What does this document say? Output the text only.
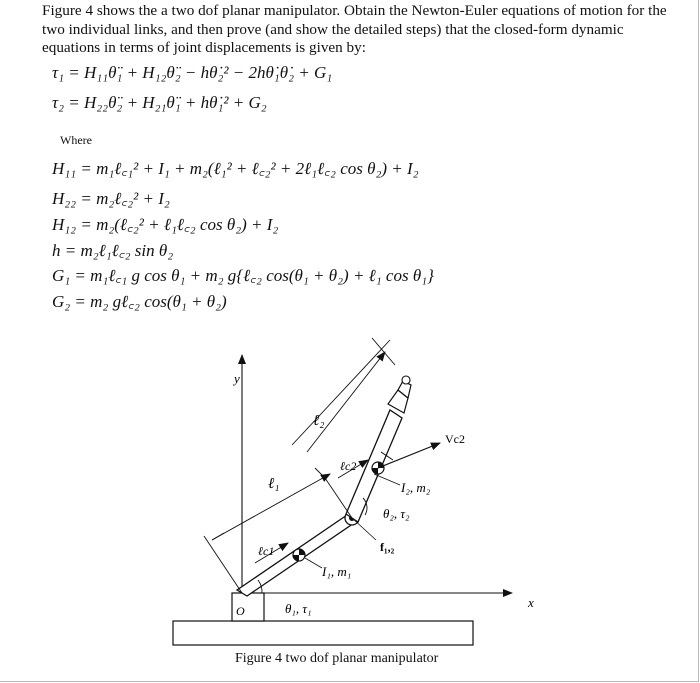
Figure 4 shows the a two dof planar manipulator. Obtain the Newton-Euler equations of motion for the two individual links, and then prove (and show the detailed steps) that the closed-form dynamic equations in terms of joint displacements is given by:
τ₁ = H₁₁θ̈₁ + H₁₂θ̈₂ − hθ̇₂² − 2hθ̇₁θ̇₂ + G₁
τ₂ = H₂₂θ̈₂ + H₂₁θ̈₁ + hθ̇₁² + G₂
Where
H₁₁ = m₁ℓ꜀₁² + I₁ + m₂(ℓ₁² + ℓ꜀₂² + 2ℓ₁ℓ꜀₂ cos θ₂) + I₂
H₂₂ = m₂ℓ꜀₂² + I₂
H₁₂ = m₂(ℓ꜀₂² + ℓ₁ℓ꜀₂ cos θ₂) + I₂
h = m₂ℓ₁ℓ꜀₂ sin θ₂
G₁ = m₁ℓ꜀₁ g cos θ₁ + m₂ g{ℓ꜀₂ cos(θ₁ + θ₂) + ℓ₁ cos θ₁}
G₂ = m₂ gℓ꜀₂ cos(θ₁ + θ₂)
O
y
x
ℓ₁
ℓc1
ℓ₂
ℓc2
Vc2
I₂, m₂
θ₂, τ₂
f₁,₂
I₁, m₁
θ₁, τ₁
Figure 4 two dof planar manipulator
